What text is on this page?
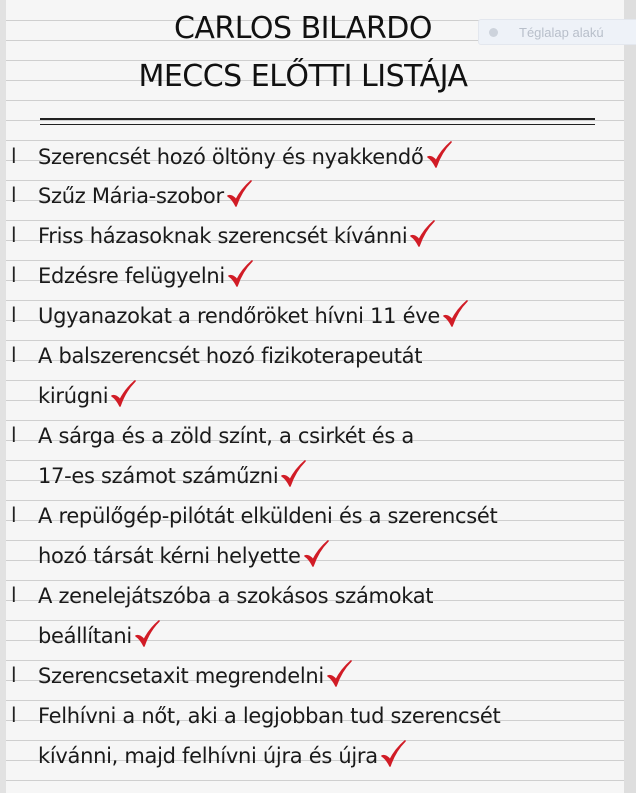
Téglalap alakú
CARLOS BILARDO
MECCS ELŐTTI LISTÁJA
l Szerencsét hozó öltöny és nyakkendő
l Szűz Mária-szobor
l Friss házasoknak szerencsét kívánni
l Edzésre felügyelni
l Ugyanazokat a rendőröket hívni 11 éve
l A balszerencsét hozó fizikoterapeutát
kirúgni
l A sárga és a zöld színt, a csirkét és a
17-es számot száműzni
l A repülőgép-pilótát elküldeni és a szerencsét
hozó társát kérni helyette
l A zenelejátszóba a szokásos számokat
beállítani
l Szerencsetaxit megrendelni
l Felhívni a nőt, aki a legjobban tud szerencsét
kívánni, majd felhívni újra és újra
